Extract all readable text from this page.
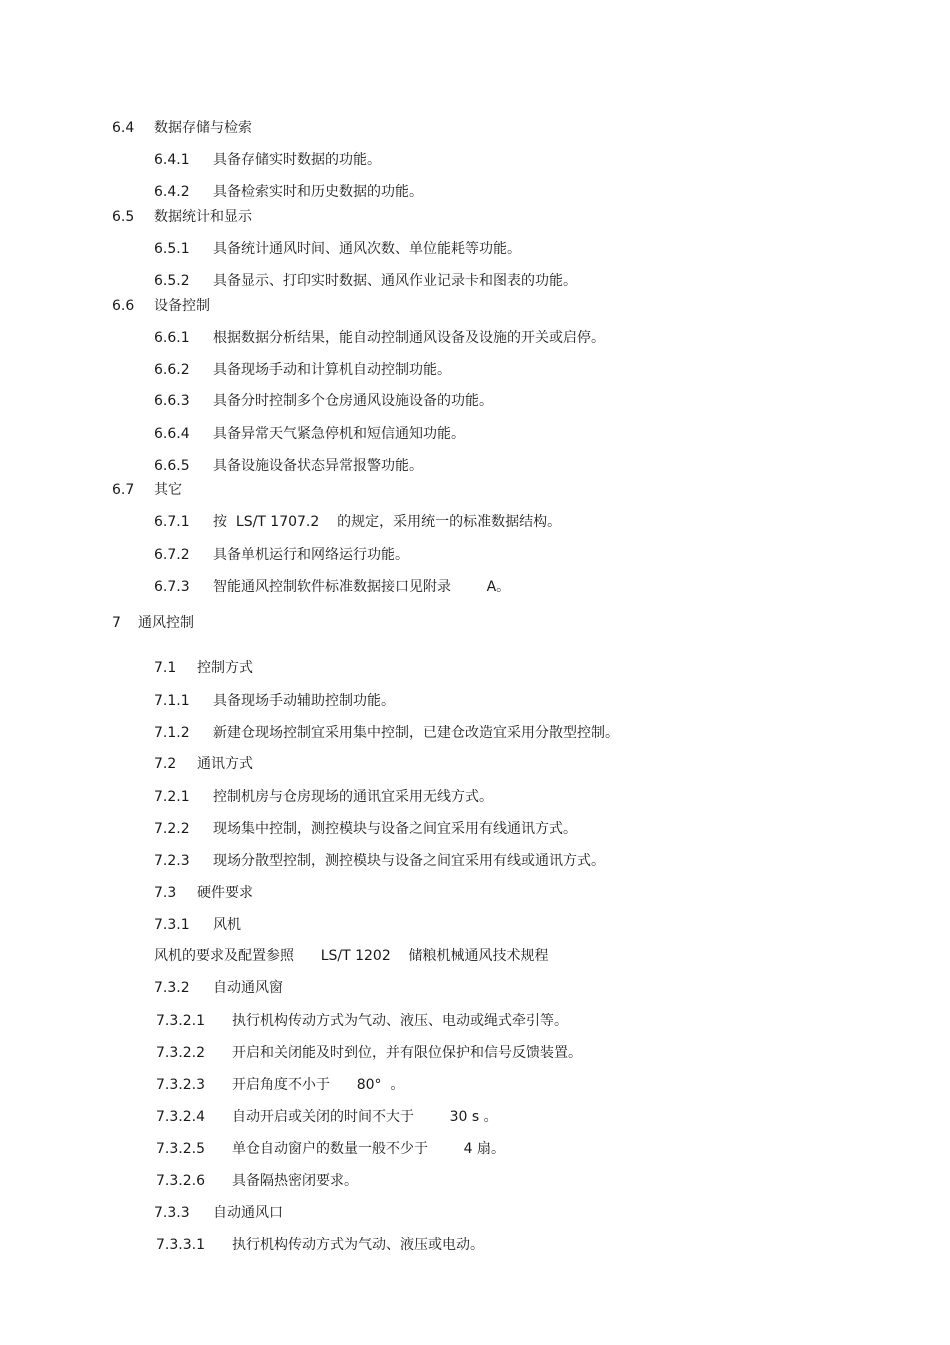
6.4 数据存储与检索
6.4.1 具备存储实时数据的功能。
6.4.2 具备检索实时和历史数据的功能。
6.5 数据统计和显示
6.5.1 具备统计通风时间、通风次数、单位能耗等功能。
6.5.2 具备显示、打印实时数据、通风作业记录卡和图表的功能。
6.6 设备控制
6.6.1 根据数据分析结果，能自动控制通风设备及设施的开关或启停。
6.6.2 具备现场手动和计算机自动控制功能。
6.6.3 具备分时控制多个仓房通风设施设备的功能。
6.6.4 具备异常天气紧急停机和短信通知功能。
6.6.5 具备设施设备状态异常报警功能。
6.7 其它
6.7.1 按  LS/T 1707.2    的规定，采用统一的标准数据结构。
6.7.2 具备单机运行和网络运行功能。
6.7.3 智能通风控制软件标准数据接口见附录        A。
7 通风控制
7.1 控制方式
7.1.1 具备现场手动辅助控制功能。
7.1.2 新建仓现场控制宜采用集中控制，已建仓改造宜采用分散型控制。
7.2 通讯方式
7.2.1 控制机房与仓房现场的通讯宜采用无线方式。
7.2.2 现场集中控制，测控模块与设备之间宜采用有线通讯方式。
7.2.3 现场分散型控制，测控模块与设备之间宜采用有线或通讯方式。
7.3 硬件要求
7.3.1 风机
风机的要求及配置参照      LS/T 1202    储粮机械通风技术规程
7.3.2 自动通风窗
7.3.2.1 执行机构传动方式为气动、液压、电动或绳式牵引等。
7.3.2.2 开启和关闭能及时到位，并有限位保护和信号反馈装置。
7.3.2.3 开启角度不小于      80°  。
7.3.2.4 自动开启或关闭的时间不大于        30 s 。
7.3.2.5 单仓自动窗户的数量一般不少于        4 扇。
7.3.2.6 具备隔热密闭要求。
7.3.3 自动通风口
7.3.3.1 执行机构传动方式为气动、液压或电动。
